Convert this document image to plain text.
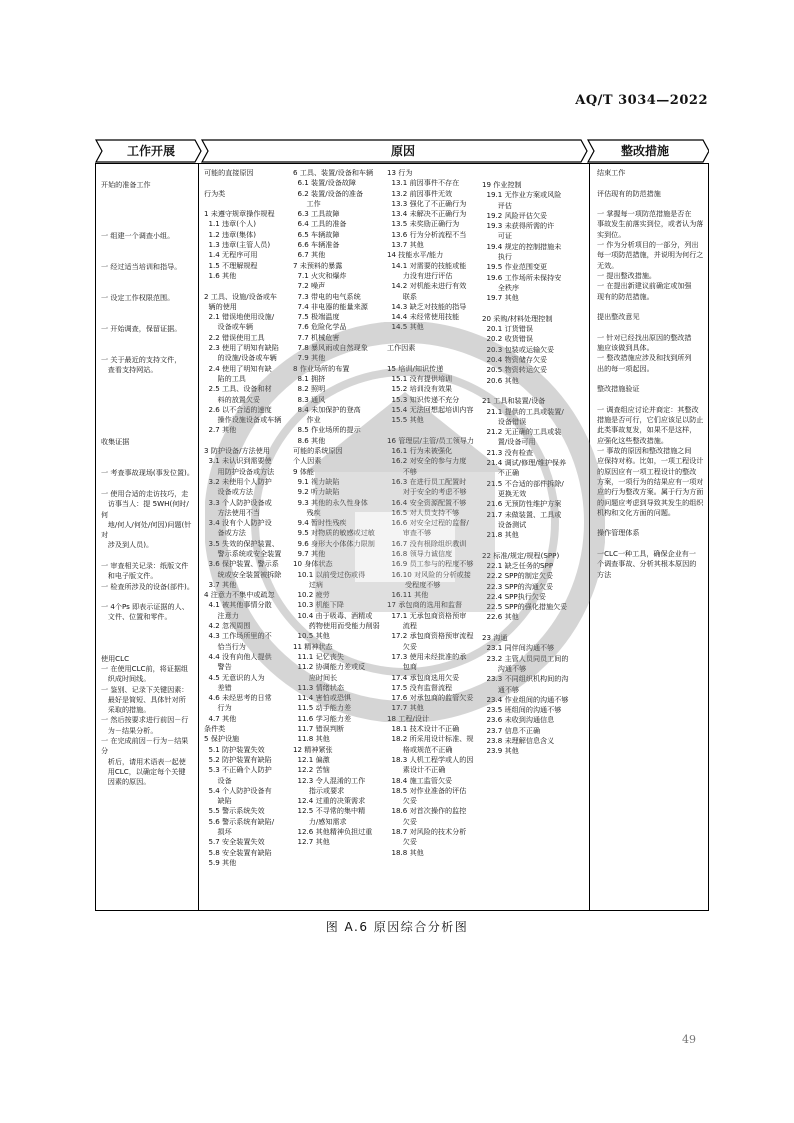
AQ/T 3034—2022
工作开展	原因	整改措施
开始的准备工作

一 组建一个调查小组。

一 经过适当培训和指导。

一 设定工作权限范围。

一 开始调查，保留证据。

一 关于最近的支持文件，
查看支持网站。

收集证据

一 考查事故现场(事发位置)。

一 使用合适的走访技巧，走
访事当人：提 5WH(何时/何
地/何人/何处/何因)问题(针对
涉及到人员)。

一 审查相关记录：纸版文件
和电子版文件。
一 检查所涉及的设备(部件)。

一 4个Ps 即表示证据的人、
文件、位置和零件。

使用CLC
一 在使用CLC前，将证据组
织成时间线。
一 鉴别、记录下关键因素：
最好是简短、具体针对所
采取的措施。
一 然后按要求进行前因－行
为－结果分析。
一 在完成前因－行为－结果分
析后，请用术语表一起使
用CLC，以确定每个关键
因素的原因。
可能的直接原因

行为类

1 未遵守规章操作规程
1.1 违章(个人)
1.2 违章(集体)
1.3 违章(主管人员)
1.4 无程序可用
1.5 不理解规程
1.6 其他

2 工具、设施/设备或车
辆的使用
2.1 错误地使用设施/
设备或车辆
2.2 错误使用工具
2.3 使用了明知有缺陷
的设施/设备或车辆
2.4 使用了明知有缺
陷的工具
2.5 工具、设备和材
料的放置欠妥
2.6 以不合适的速度
操作设施设备或车辆
2.7 其他

3 防护设备/方法使用
3.1 未认识到需要使
用防护设备或方法
3.2 未使用个人防护
设备或方法
3.3 个人防护设备或
方法使用不当
3.4 没有个人防护设
备或方法
3.5 失效的保护装置、
警示系统或安全装置
3.6 保护装置、警示系
统或安全装置被拆除
3.7 其他
4 注意力不集中或疏忽
4.1 被其他事情分散
注意力
4.2 忽视周围
4.3 工作场所里的不
恰当行为
4.4 没有向他人提供
警告
4.5 无意识的人为
差错
4.6 未经思考的日常
行为
4.7 其他
条件类
5 保护设施
5.1 防护装置失效
5.2 防护装置有缺陷
5.3 不正确个人防护
设备
5.4 个人防护设备有
缺陷
5.5 警示系统失效
5.6 警示系统有缺陷/
损坏
5.7 安全装置失效
5.8 安全装置有缺陷
5.9 其他
6 工具、装置/设备和车辆
6.1 装置/设备故障
6.2 装置/设备的准备
工作
6.3 工具故障
6.4 工具的准备
6.5 车辆故障
6.6 车辆准备
6.7 其他
7 未预料的暴露
7.1 火灾和爆炸
7.2 噪声
7.3 带电的电气系统
7.4 非电器的能量来源
7.5 极端温度
7.6 危险化学品
7.7 机械危害
7.8 暴风雨或自然现象
7.9 其他
8 作业场所的布置
8.1 拥挤
8.2 照明
8.3 通风
8.4 未加保护的登高
作业
8.5 作业场所的提示
8.6 其他
可能的系统原因
个人因素
9 体能
9.1 视力缺陷
9.2 听力缺陷
9.3 其他的永久性身体
残疾
9.4 暂时性残疾
9.5 对物质的敏感或过敏
9.6 身形大小体体力限制
9.7 其他
10 身体状态
10.1 以前受过伤或得
过病
10.2 疲劳
10.3 机能下降
10.4 由于吸毒、酒精或
药物使用而受能力削弱
10.5 其他
11 精神状态
11.1 记忆丧失
11.2 协调能力差或反
应时间长
11.3 情绪状态
11.4 害怕或恐惧
11.5 动手能力差
11.6 学习能力差
11.7 错误判断
11.8 其他
12 精神紧张
12.1 偏激
12.2 苦恼
12.3 令人混淆的工作
指示或要求
12.4 过重的决策需求
12.5 不寻常的集中精
力/感知需求
12.6 其他精神负担过重
12.7 其他
13 行为
13.1 前因事件不存在
13.2 前因事件无效
13.3 强化了不正确行为
13.4 未解决不正确行为
13.5 未奖励正确行为
13.6 行为分析流程不当
13.7 其他
14 技能水平/能力
14.1 对需要的技能或能
力没有进行评估
14.2 对机能未进行有效
联系
14.3 缺乏对技能的指导
14.4 未经常使用技能
14.5 其他

工作因素

15 培训/知识传递
15.1 没有提供培训
15.2 培训没有效果
15.3 知识传递不充分
15.4 无法回想起培训内容
15.5 其他

16 管理层/主管/员工领导力
16.1 行为未被强化
16.2 对安全的参与力度
不够
16.3 在进行员工配置时
对于安全的考虑不够
16.4 安全资源配置不够
16.5 对人员支持不够
16.6 对安全过程的监督/
审查不够
16.7 没有根除组织教训
16.8 领导力诚信度
16.9 员工参与的程度不够
16.10 对风险的分析或接
受程度不够
16.11 其他
17 承包商的选用和监督
17.1 无承包商资格预审
流程
17.2 承包商资格预审流程
欠妥
17.3 使用未经批准的承
包商
17.4 承包商选用欠妥
17.5 没有监督流程
17.6 对承包商的监管欠妥
17.7 其他
18 工程/设计
18.1 技术设计不正确
18.2 所采用设计标准、规
格或规范不正确
18.3 人机工程学或人的因
素设计不正确
18.4 施工监管欠妥
18.5 对作业准备的评估
欠妥
18.6 对首次操作的监控
欠妥
18.7 对风险的技术分析
欠妥
18.8 其他
19 作业控制
19.1 无作业方案或风险
评估
19.2 风险评估欠妥
19.3 未获得所需的许
可证
19.4 规定的控制措施未
执行
19.5 作业范围变更
19.6 工作场所未保持安
全秩序
19.7 其他

20 采购/材料处理控制
20.1 订货错误
20.2 收货错误
20.3 包装或运输欠妥
20.4 物资储存欠妥
20.5 物资转运欠妥
20.6 其他

21 工具和装置/设备
21.1 提供的工具或装置/
设备错误
21.2 无正确的工具或装
置/设备可用
21.3 没有检查
21.4 调试/修理/维护保养
不正确
21.5 不合适的部件拆除/
更换无效
21.6 无预防性维护方案
21.7 未做装置、工具或
设备测试
21.8 其他

22 标准/规定/规程(SPP)
22.1 缺乏任务的SPP
22.2 SPP的制定欠妥
22.3 SPP的沟通欠妥
22.4 SPP执行欠妥
22.5 SPP的强化措施欠妥
22.6 其他

23 沟通
23.1 同伴间沟通不够
23.2 主管人员同员工间的
沟通不够
23.3 不同组织机构间的沟
通不够
23.4 作业组间的沟通不够
23.5 班组间的沟通不够
23.6 未收到沟通信息
23.7 信息不正确
23.8 未理解信息含义
23.9 其他
结束工作

评估现有的防范措施

一 掌握每一项防范措施是否在
事故发生前落实到位，或者认为落
实到位。
一 作为分析项目的一部分，列出
每一项防范措施，并说明为何行之
无效。
一 提出整改措施。
一 在提出新建议前确定或加强
现有的防范措施。

提出整改意见

一 针对已经找出原因的整改措
施应该做到具体。
一 整改措施应涉及和找到所列
出的每一项起因。

整改措施验证

一 调查组应讨论并商定：其整改
措施是否可行，它们应该足以防止
此类事故复发，如果不是这样，
应强化这些整改措施。
一 事故的原因和整改措施之间
应保持对称。比如，一项工程设计
的原因应有一项工程设计的整改
方案，一项行为的结果应有一项对
应的行为整改方案。属于行为方面
的问题应考虑到导致其发生的组织
机构和文化方面的问题。

操作管理体系

一CLC一种工具，确保企业有一
个调查事故、分析其根本原因的
方法
图 A.6 原因综合分析图
49
